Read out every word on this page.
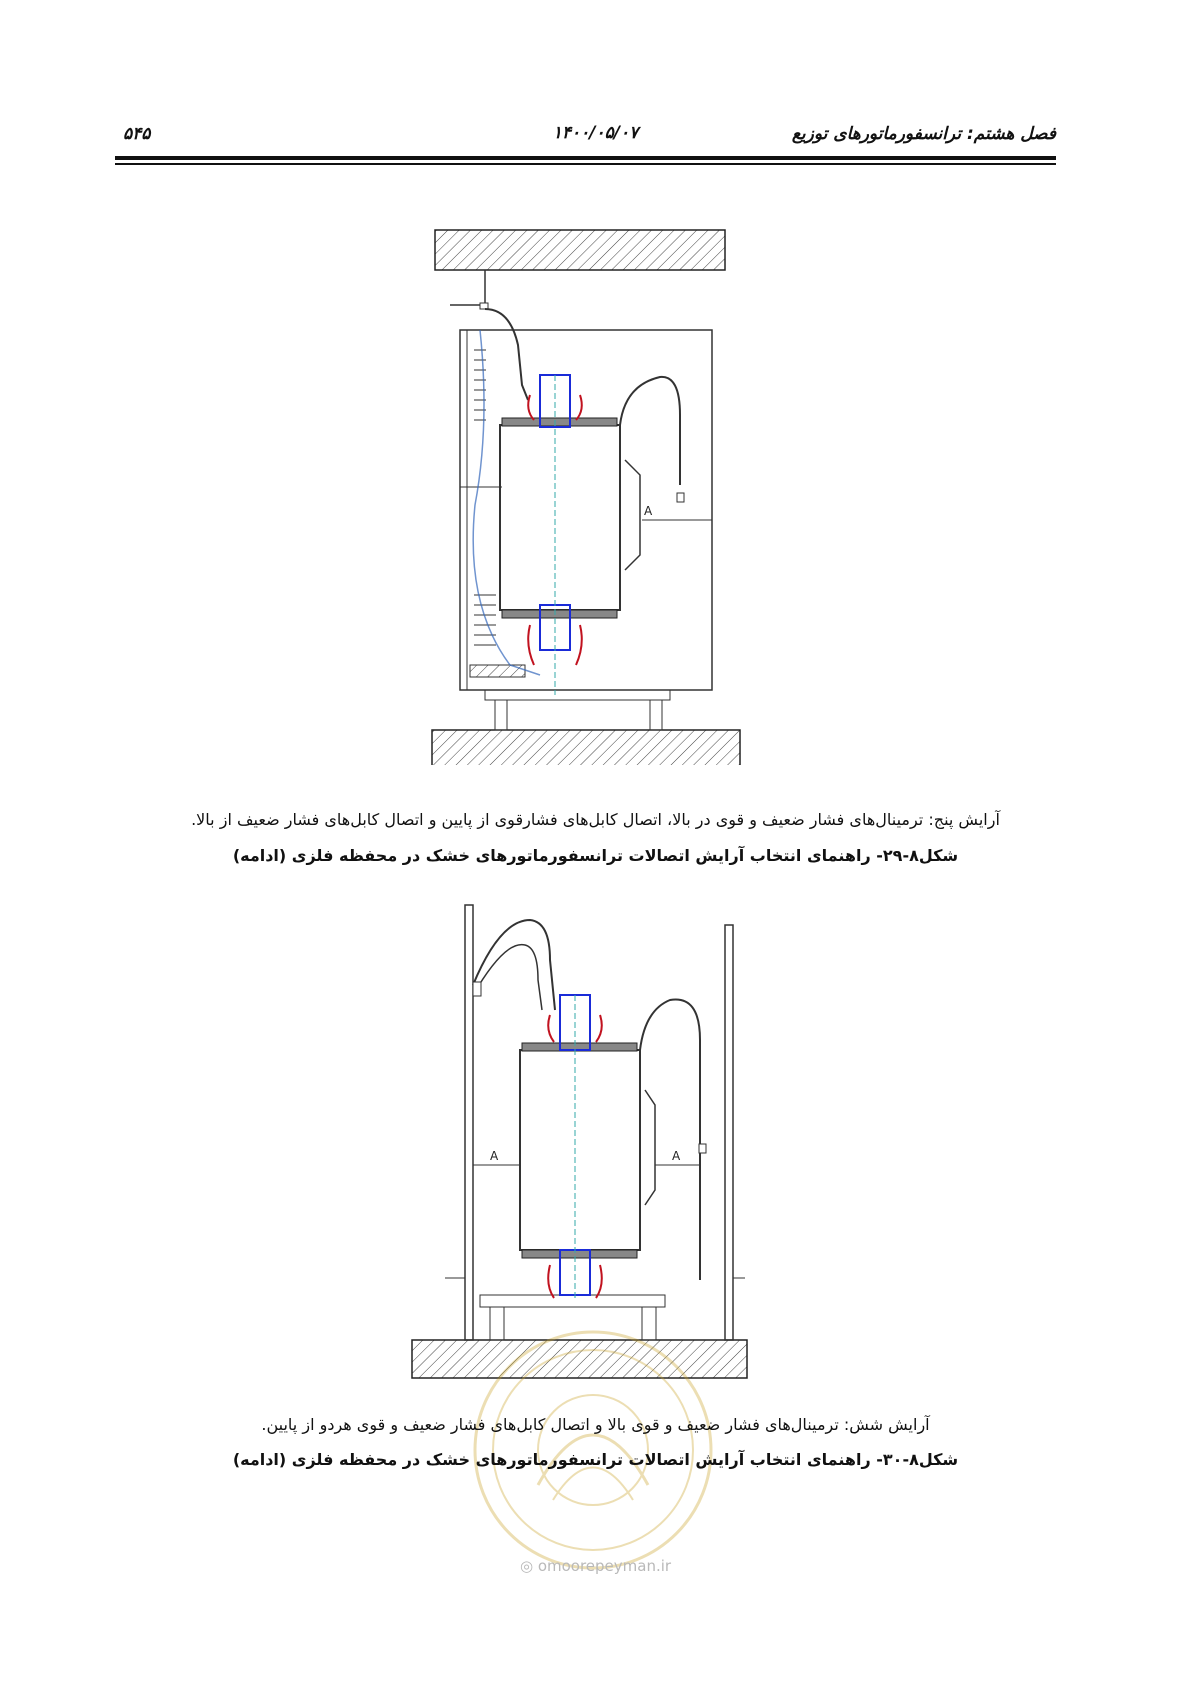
فصل هشتم: ترانسفورماتورهای توزیع
۱۴۰۰/۰۵/۰۷
۵۴۵
A
آرایش پنج: ترمینال‌های فشار ضعیف و قوی در بالا، اتصال کابل‌های فشارقوی از پایین و اتصال کابل‌های فشار ضعیف از بالا.
شکل۸-۲۹- راهنمای انتخاب آرایش اتصالات ترانسفورماتورهای خشک در محفظه فلزی (ادامه)
A	A
آرایش شش: ترمینال‌های فشار ضعیف و قوی بالا و اتصال کابل‌های فشار ضعیف و قوی هردو از پایین.
شکل۸-۳۰- راهنمای انتخاب آرایش اتصالات ترانسفورماتورهای خشک در محفظه فلزی (ادامه)
◎ omoorepeyman.ir
